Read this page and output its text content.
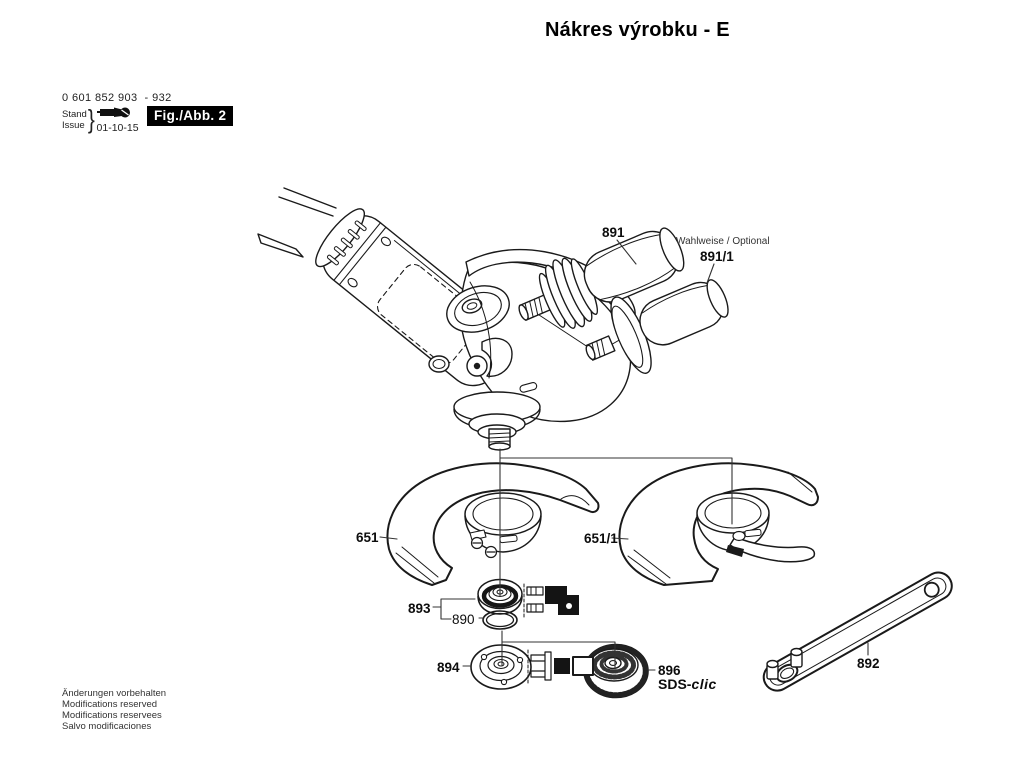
Nákres výrobku - E
0 601 852 903 - 932
Stand
Issue } 01-10-15
Fig./Abb. 2
891
Wahlweise / Optional
891/1
651	651/1
893
890
894	896
SDS-clic
892
Änderungen vorbehalten
Modifications reserved
Modifications reservees
Salvo modificaciones
